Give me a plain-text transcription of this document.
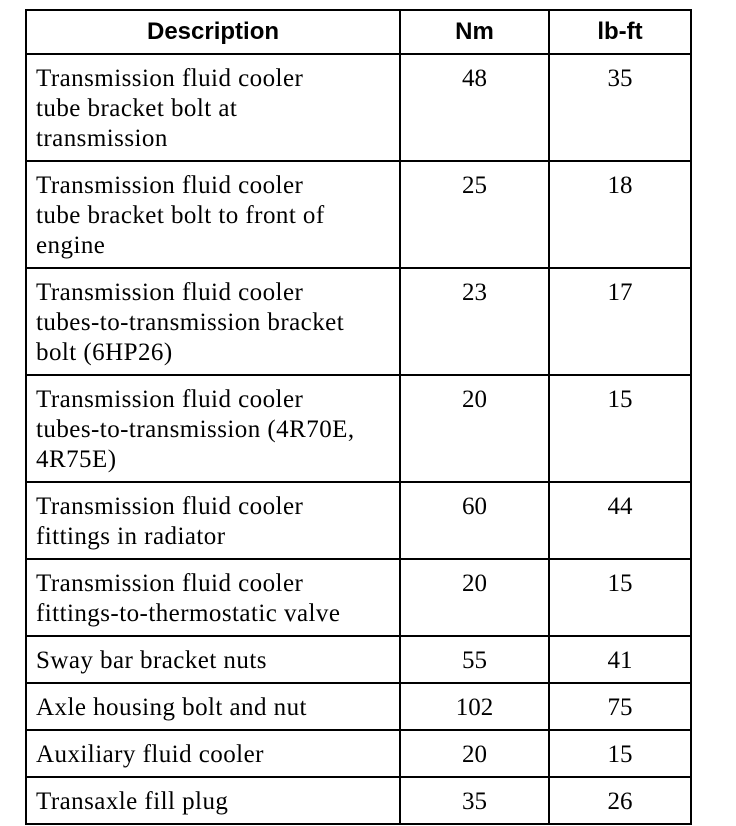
Description	Nm	lb-ft
Transmission fluid cooler
tube bracket bolt at
transmission	48	35
Transmission fluid cooler
tube bracket bolt to front of
engine	25	18
Transmission fluid cooler
tubes-to-transmission bracket
bolt (6HP26)	23	17
Transmission fluid cooler
tubes-to-transmission (4R70E,
4R75E)	20	15
Transmission fluid cooler
fittings in radiator	60	44
Transmission fluid cooler
fittings-to-thermostatic valve	20	15
Sway bar bracket nuts	55	41
Axle housing bolt and nut	102	75
Auxiliary fluid cooler	20	15
Transaxle fill plug	35	26
